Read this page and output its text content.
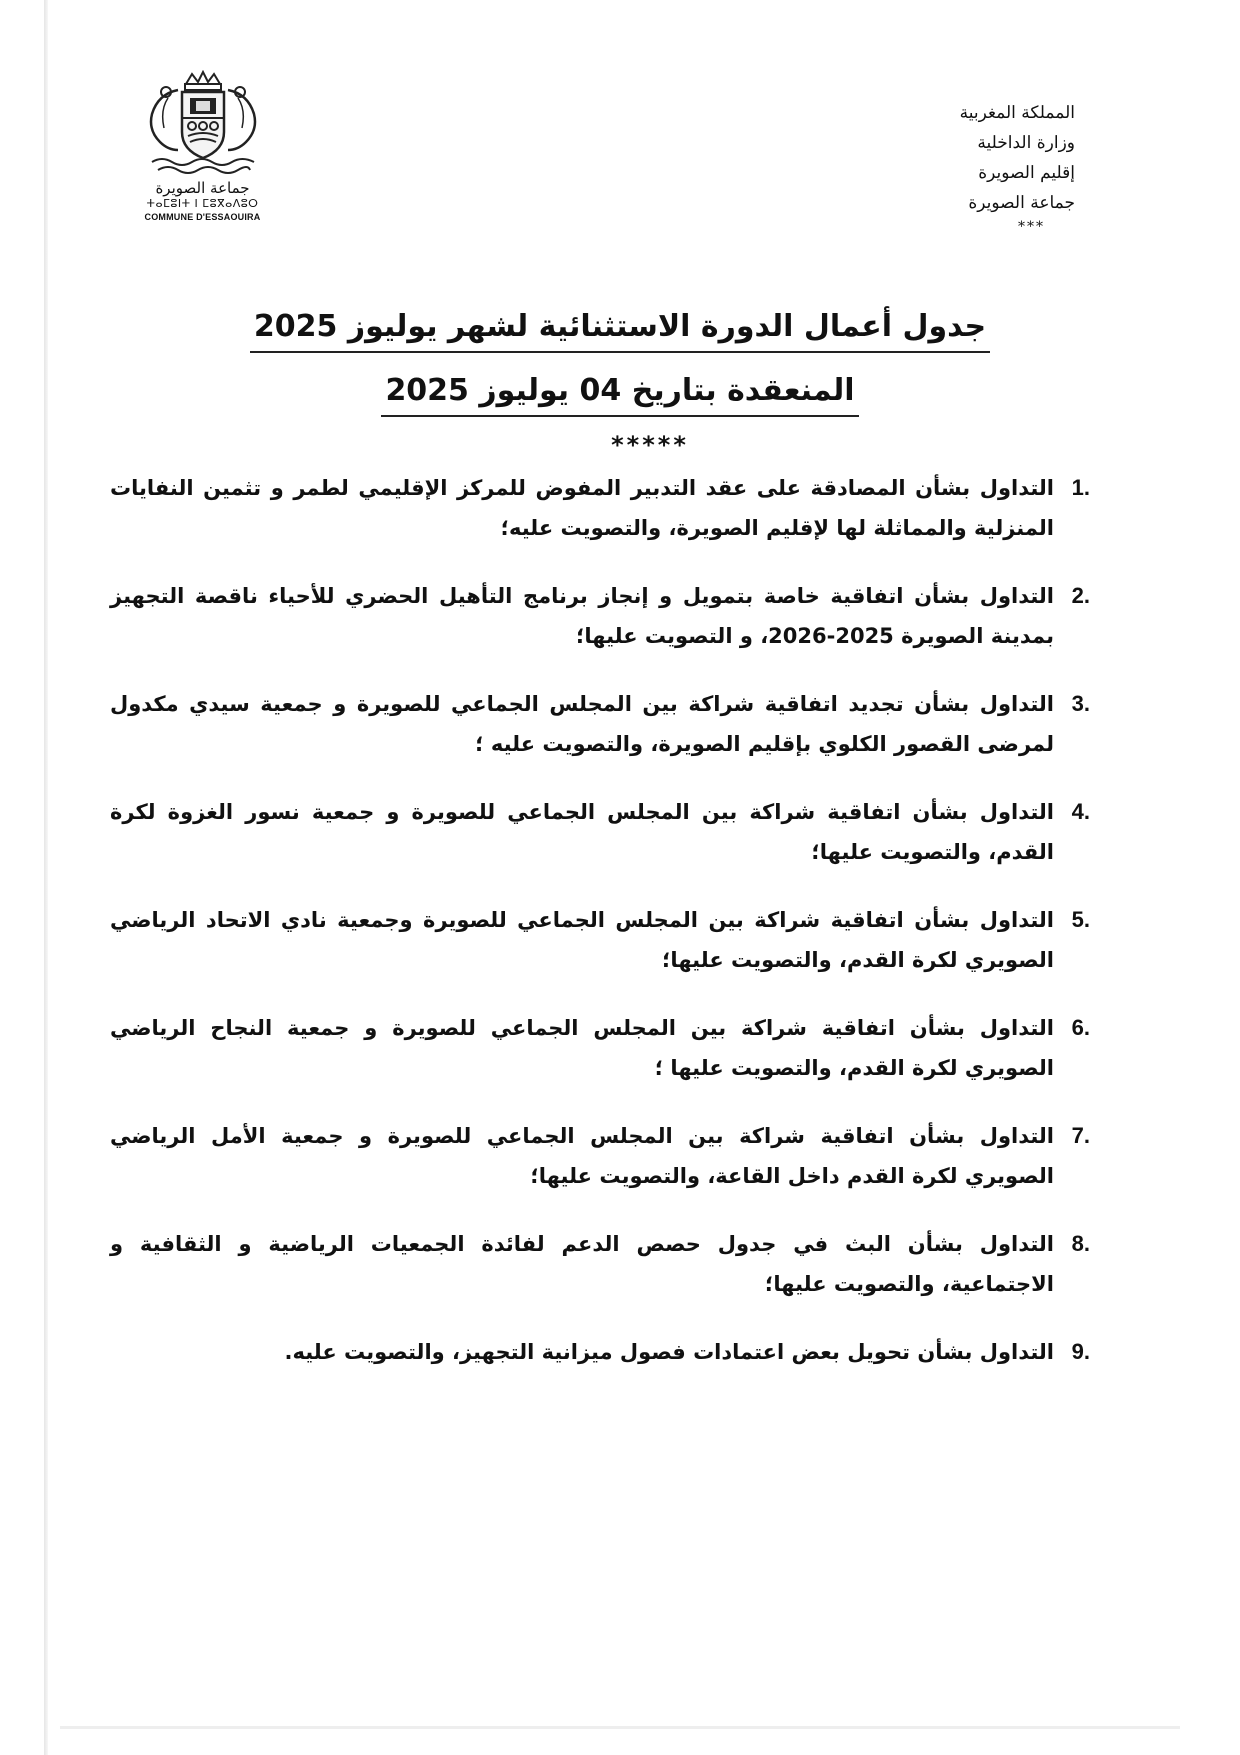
جماعة الصويرة
ⵜⴰⵎⵓⵏⵜ ⵏ ⵎⵓⴳⴰⴷⵓⵔ
COMMUNE D'ESSAOUIRA
المملكة المغربية
وزارة الداخلية
إقليم الصويرة
جماعة الصويرة
***
جدول أعمال الدورة الاستثنائية لشهر يوليوز 2025
المنعقدة بتاريخ 04 يوليوز 2025
*****
1.
التداول بشأن المصادقة على عقد التدبير المفوض للمركز الإقليمي لطمر و تثمين النفايات المنزلية والمماثلة لها لإقليم الصويرة، والتصويت عليه؛
2.
التداول بشأن اتفاقية خاصة بتمويل و إنجاز برنامج التأهيل الحضري للأحياء ناقصة التجهيز بمدينة الصويرة 2025-2026، و التصويت عليها؛
3.
التداول بشأن تجديد اتفاقية شراكة بين المجلس الجماعي للصويرة و جمعية سيدي مكدول لمرضى القصور الكلوي بإقليم الصويرة، والتصويت عليه ؛
4.
التداول بشأن اتفاقية شراكة بين المجلس الجماعي للصويرة و جمعية نسور الغزوة لكرة القدم، والتصويت عليها؛
5.
التداول بشأن اتفاقية شراكة بين المجلس الجماعي للصويرة وجمعية نادي الاتحاد الرياضي الصويري لكرة القدم، والتصويت عليها؛
6.
التداول بشأن اتفاقية شراكة بين المجلس الجماعي للصويرة و جمعية النجاح الرياضي الصويري لكرة القدم، والتصويت عليها ؛
7.
التداول بشأن اتفاقية شراكة بين المجلس الجماعي للصويرة و جمعية الأمل الرياضي الصويري لكرة القدم داخل القاعة، والتصويت عليها؛
8.
التداول بشأن البث في جدول حصص الدعم لفائدة الجمعيات الرياضية و الثقافية و الاجتماعية، والتصويت عليها؛
9.
التداول بشأن تحويل بعض اعتمادات فصول ميزانية التجهيز، والتصويت عليه.
